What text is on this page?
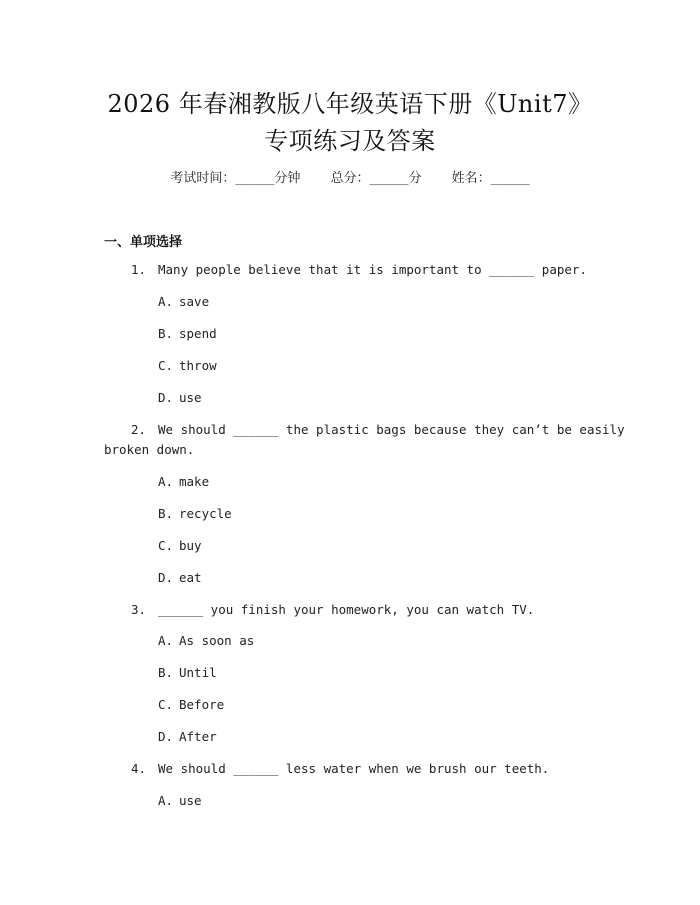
2026 年春湘教版八年级英语下册《Unit7》
专项练习及答案
考试时间：______分钟 总分：______分 姓名：______
一、单项选择
1. Many people believe that it is important to ______ paper.
A. save
B. spend
C. throw
D. use
2. We should ______ the plastic bags because they can’t be easily
broken down.
A. make
B. recycle
C. buy
D. eat
3. ______ you finish your homework, you can watch TV.
A. As soon as
B. Until
C. Before
D. After
4. We should ______ less water when we brush our teeth.
A. use
